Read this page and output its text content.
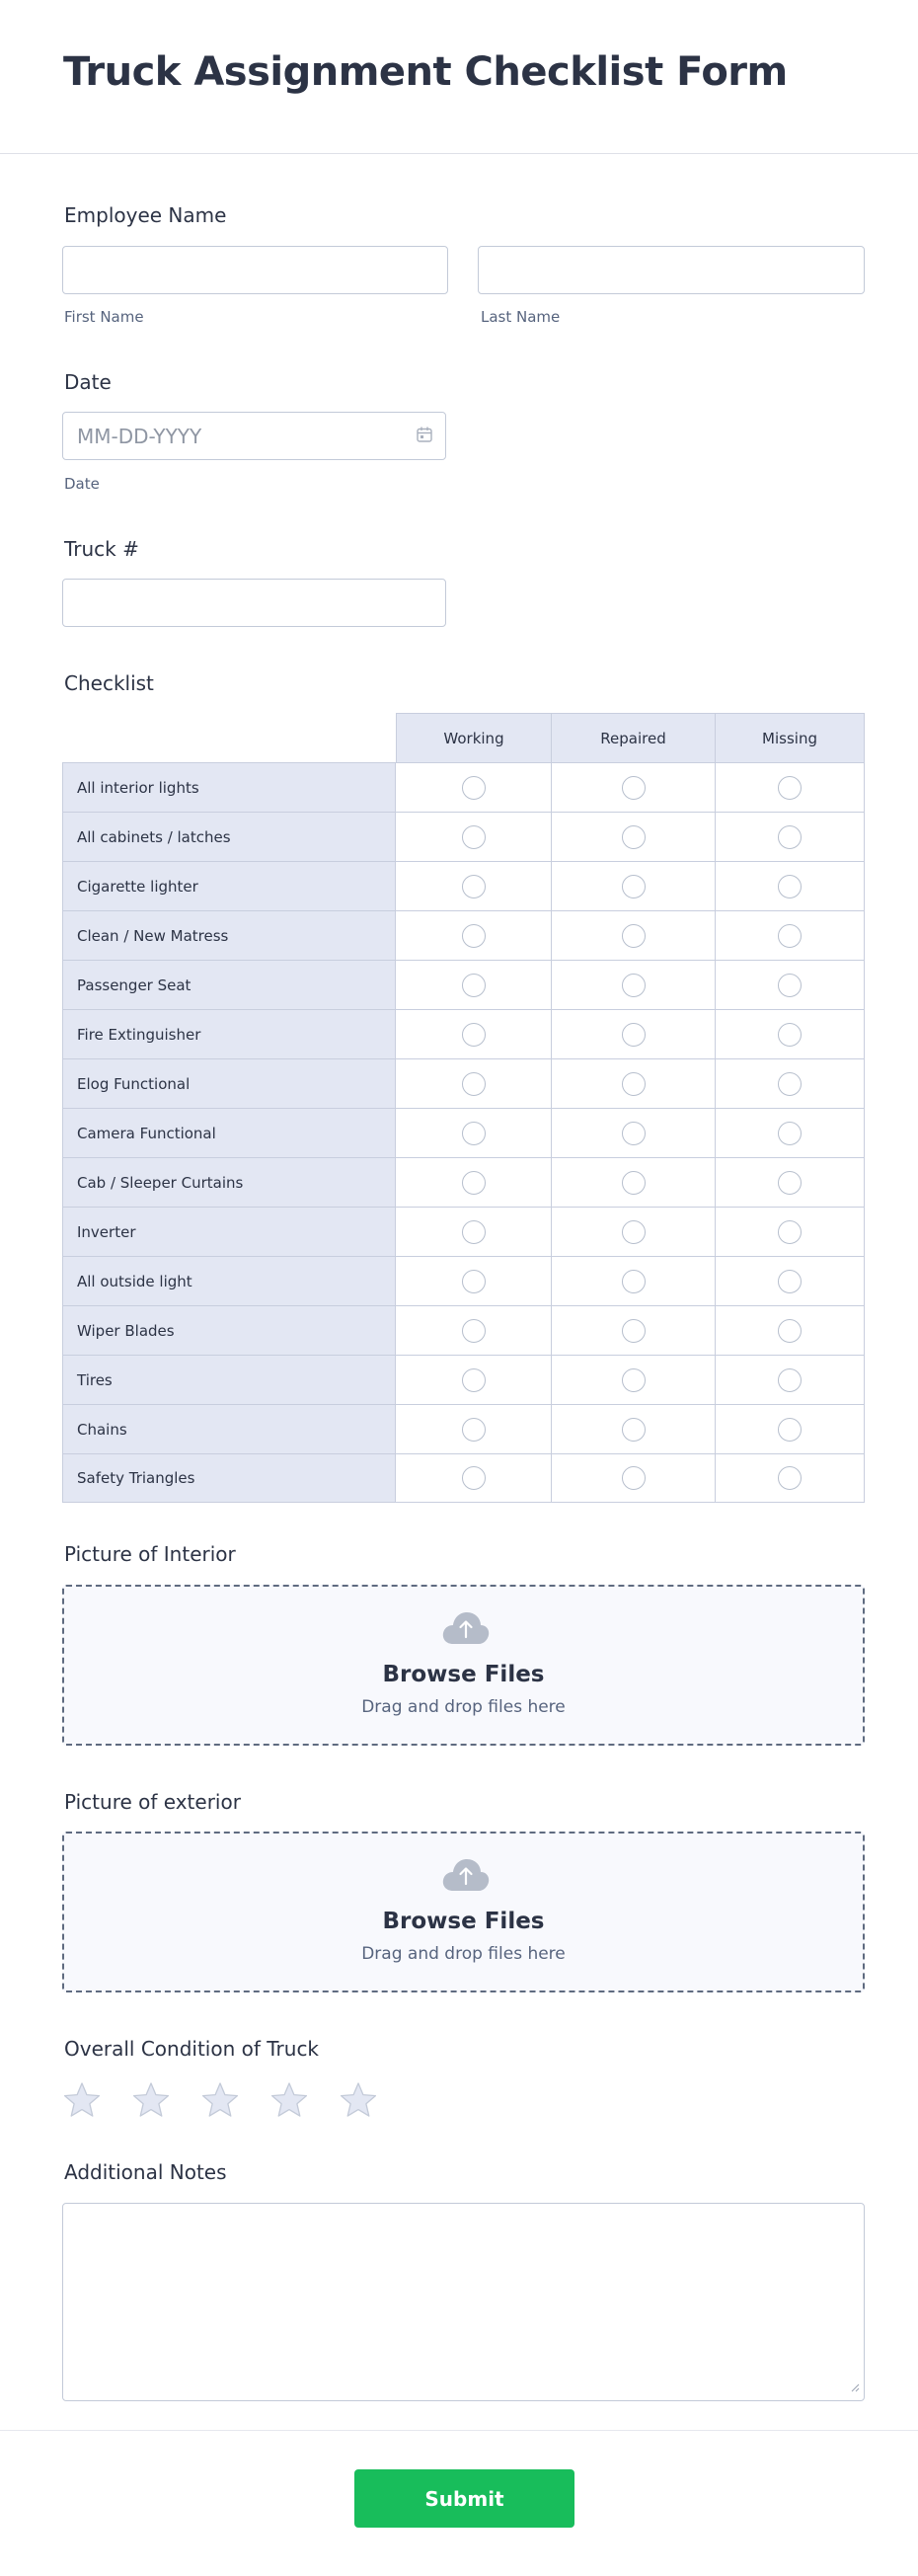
Truck Assignment Checklist Form
Employee Name
First Name	Last Name
Date
MM-DD-YYYY
Date
Truck #
Checklist
	Working	Repaired	Missing
All interior lights			
All cabinets / latches			
Cigarette lighter			
Clean / New Matress			
Passenger Seat			
Fire Extinguisher			
Elog Functional			
Camera Functional			
Cab / Sleeper Curtains			
Inverter			
All outside light			
Wiper Blades			
Tires			
Chains			
Safety Triangles			
Picture of Interior
Browse Files
Drag and drop files here
Picture of exterior
Browse Files
Drag and drop files here
Overall Condition of Truck
Additional Notes
Submit
